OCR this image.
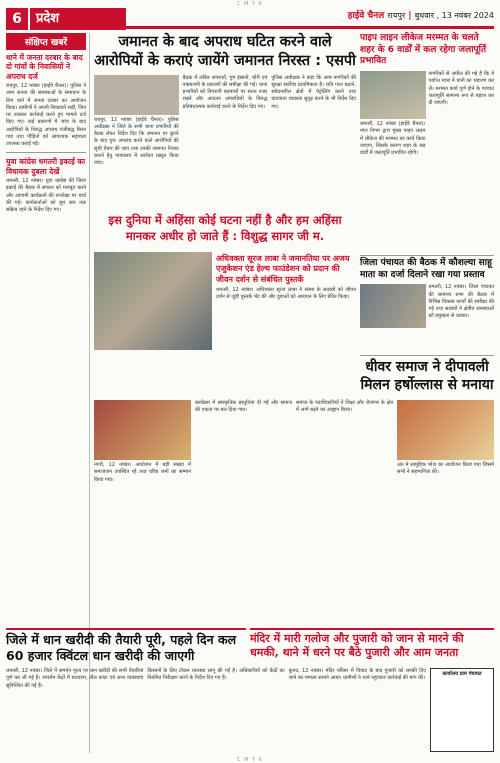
C M Y K
6	प्रदेश	हाईवे चैनल रायपुर | बुधवार , 13 नवंबर 2024
संक्षिप्त खबरें
थाने में जनता दरबार के बाद दो गांवों के निवासियों ने अपराध दर्ज
रायपुर, 12 नवंबर (हाईवे चैनल)। पुलिस ने आम जनता की समस्याओं के समाधान के लिए थाने में जनता दरबार का आयोजन किया। ग्रामीणों ने अपनी शिकायतें रखीं, जिन पर तत्काल कार्रवाई करते हुए मामले दर्ज किए गए। कई प्रकरणों में जांच के बाद आरोपियों के विरुद्ध अपराध पंजीबद्ध किया गया तथा पीड़ितों को आवश्यक सहायता उपलब्ध कराई गई।
युवा कांग्रेस धमतरी इकाई का विधायक दुबला देखें
धमतरी, 12 नवंबर। युवा कांग्रेस की जिला इकाई की बैठक में संगठन को मजबूत करने और आगामी कार्यक्रमों की रूपरेखा पर चर्चा की गई। कार्यकर्ताओं को बूथ स्तर तक सक्रिय रहने के निर्देश दिए गए।
जमानत के बाद अपराध घटित करने वाले आरोपियों के कराएं जायेंगे जमानत निरस्त : एसपी
रायपुर, 12 नवंबर (हाईवे चैनल)। पुलिस अधीक्षक ने जिले के सभी थाना प्रभारियों की बैठक लेकर निर्देश दिए कि जमानत पर छूटने के बाद पुनः अपराध करने वाले आरोपियों की सूची तैयार की जाए तथा उनकी जमानत निरस्त कराने हेतु न्यायालय में आवेदन प्रस्तुत किया जाए।
बैठक में लंबित अपराधों, गुम इंसानों, चोरी एवं नकबजनी के प्रकरणों की समीक्षा की गई। थाना प्रभारियों को निगरानी बदमाशों पर सतत नजर रखने और आदतन अपराधियों के विरुद्ध प्रतिबंधात्मक कार्रवाई करने के निर्देश दिए गए।
पुलिस अधीक्षक ने कहा कि आम नागरिकों की सुरक्षा सर्वोच्च प्राथमिकता है। रात्रि गश्त बढ़ाने, संवेदनशील क्षेत्रों में पेट्रोलिंग करने तथा यातायात व्यवस्था सुदृढ़ करने के भी निर्देश दिए गए।
इस दुनिया में अहिंसा कोई घटना नहीं है और हम अहिंसा मानकर अधीर हो जाते हैं : विशुद्ध सागर जी म.
पाइप लाइन लीकेज मरम्मत के चलते शहर के 6 वार्डों में कल रहेगा जलापूर्ति प्रभावित
धमतरी, 12 नवंबर (हाईवे चैनल)। नगर निगम द्वारा मुख्य पाइप लाइन में लीकेज की मरम्मत का कार्य किया जाएगा, जिसके कारण शहर के छह वार्डों में जलापूर्ति प्रभावित रहेगी।
नागरिकों से अपील की गई है कि वे पर्याप्त मात्रा में पानी का भंडारण कर लें। मरम्मत कार्य पूर्ण होने के पश्चात जलापूर्ति सामान्य रूप से बहाल कर दी जाएगी।
जिला पंचायत की बैठक में कौशल्या साहू माता का दर्जा दिलाने रखा गया प्रस्ताव
धमतरी, 12 नवंबर। जिला पंचायत की सामान्य सभा की बैठक में विभिन्न विकास कार्यों की समीक्षा की गई तथा सदस्यों ने क्षेत्रीय समस्याओं को प्रमुखता से उठाया।
अधिवक्ता सूरज लाबा ने जमानतिया पर अजय एजुकेशन एंड हेल्थ फाउंडेशन को प्रदान की जीवन दर्शन से संबंधित पुस्तकें
धमतरी, 12 नवंबर। अधिवक्ता सूरज लाबा ने संस्था के सदस्यों को जीवन दर्शन से जुड़ी पुस्तकें भेंट कीं और युवाओं को अध्ययन के लिए प्रेरित किया।
धीवर समाज ने दीपावली मिलन हर्षोल्लास से मनाया
नगरी, 12 नवंबर। आयोजन में बड़ी संख्या में समाजजन उपस्थित रहे तथा वरिष्ठ जनों का सम्मान किया गया।
कार्यक्रम में सांस्कृतिक प्रस्तुतियां दी गईं और समाज की एकता पर बल दिया गया।
समाज के पदाधिकारियों ने शिक्षा और रोजगार के क्षेत्र में आगे बढ़ने का आह्वान किया।
अंत में सामूहिक भोज का आयोजन किया गया जिसमें सभी ने सहभागिता की।
जिले में धान खरीदी की तैयारी पूरी, पहले दिन कल 60 हजार क्विंटल धान खरीदी की जाएगी
मंदिर में मारी गलोज और पुजारी को जान से मारने की धमकी, थाने में धरने पर बैठे पुजारी और आम जनता
धमतरी, 12 नवंबर। जिले में समर्थन मूल्य पर धान खरीदी की सभी तैयारियां पूर्ण कर ली गई हैं। उपार्जन केंद्रों में बारदाना, तौल कांटा एवं अन्य व्यवस्थाएं सुनिश्चित की गई हैं।
किसानों के लिए टोकन व्यवस्था लागू की गई है। अधिकारियों को केंद्रों का नियमित निरीक्षण करने के निर्देश दिए गए हैं।
कुरुद, 12 नवंबर। मंदिर परिसर में विवाद के बाद पुजारी को धमकी दिए जाने का मामला सामने आया। ग्रामीणों ने थाने पहुंचकर कार्रवाई की मांग की।
कार्यालय ग्राम पंचायत
C M Y K
